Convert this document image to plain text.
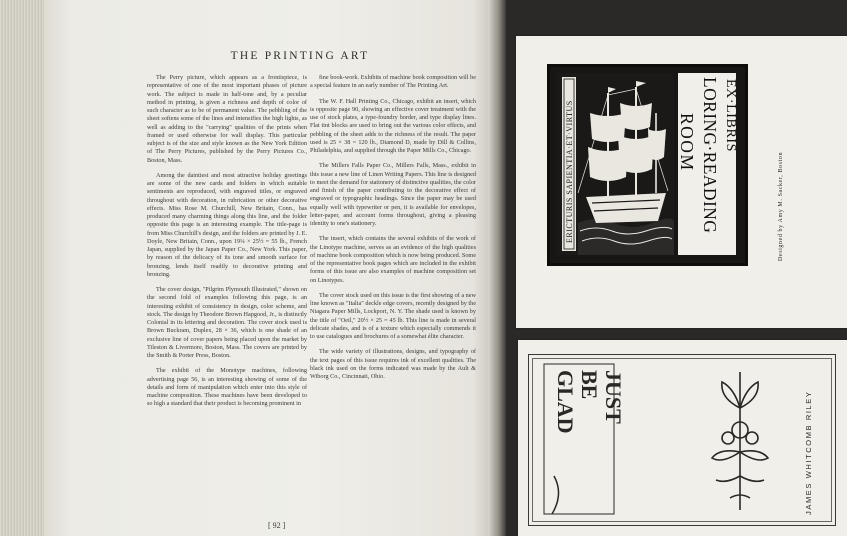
THE PRINTING ART

The Perry picture, which appears as a frontispiece, is representative of one of the most important phases of picture work. The subject is made in half-tone and, by a peculiar method in printing, is given a richness and depth of color of such character as to be of permanent value. The pebbling of the sheet softens some of the lines and intensifies the high lights, as well as adding to the "carrying" qualities of the prints when framed or used otherwise for wall display. This particular subject is of the size and style known as the New York Edition of The Perry Pictures, published by the Perry Pictures Co., Boston, Mass.

Among the daintiest and most attractive holiday greetings are some of the new cards and folders in which suitable sentiments are reproduced, with engraved titles, or engraved throughout with decoration, in rubrication or other decorative effects. Miss Rose M. Churchill, New Britain, Conn., has produced many charming things along this line, and the folder opposite this page is an interesting example. The title-page is from Miss Churchill's design, and the folders are printed by J. E. Doyle, New Britain, Conn., upon 19¼ × 25½ = 55 lb., French Japan, supplied by the Japan Paper Co., New York. This paper, by reason of the delicacy of its tone and smooth surface for bronzing, lends itself readily to decorative printing and bronzing.

The cover design, "Pilgrim Plymouth Illustrated," shown on the second fold of examples following this page, is an interesting exhibit of consistency in design, color scheme, and stock. The design by Theodore Brown Hapgood, Jr., is distinctly Colonial in its lettering and decoration. The cover stock used is Brown Buckram, Duplex, 28 × 36, which is one shade of an exclusive line of cover papers being placed upon the market by Tileston & Livermore, Boston, Mass. The covers are printed by the Smith & Porter Press, Boston.

The exhibit of the Monotype machines, following advertising page 56, is an interesting showing of some of the details and form of manipulation which enter into this style of machine composition. These machines have been developed to so high a standard that their product is becoming prominent in

fine book-work. Exhibits of machine book composition will be a special feature in an early number of The Printing Art.

The W. F. Hall Printing Co., Chicago, exhibit an insert, which is opposite page 90, showing an effective cover treatment with the use of stock plates, a type-foundry border, and type display lines. Flat tint blocks are used to bring out the various color effects, and pebbling of the sheet adds to the richness of the result. The paper used is 25 × 38 = 120 lb., Diamond D, made by Dill & Collins, Philadelphia, and supplied through the Paper Mills Co., Chicago.

The Millers Falls Paper Co., Millers Falls, Mass., exhibit in this issue a new line of Linen Writing Papers. This line is designed to meet the demand for stationery of distinctive qualities, the color and finish of the paper contributing to the decorative effect of engraved or typographic headings. Since the paper may be used equally well with typewriter or pen, it is available for envelopes, letter-paper, and account forms throughout, giving a pleasing identity to one's stationery.

The insert, which contains the several exhibits of the work of the Linotype machine, serves as an evidence of the high qualities of machine book composition which is now being produced. Some of the representative book pages which are included in the exhibit forms of this issue are also examples of machine composition set on Linotypes.

The cover stock used on this issue is the first showing of a new line known as "Italia" deckle edge covers, recently designed by the Niagara Paper Mills, Lockport, N. Y. The shade used is known by the title of "Oeil," 20½ × 25 = 45 lb. This line is made in several delicate shades, and is of a texture which especially commends it to use catalogues and brochures of a somewhat élite character.

The wide variety of illustrations, designs, and typography of the text pages of this issue requires ink of excellent qualities. The black ink used on the forms indicated was made by the Ault & Wiborg Co., Cincinnati, Ohio.

[ 92 ]
ERICTURIS SAPIENTIA·ET·VIRTUS	EX·LIBRIS
LORING·READING
ROOM
Designed by Amy M. Sacker, Boston
JUST
BE
GLAD	JAMES WHITCOMB RILEY
